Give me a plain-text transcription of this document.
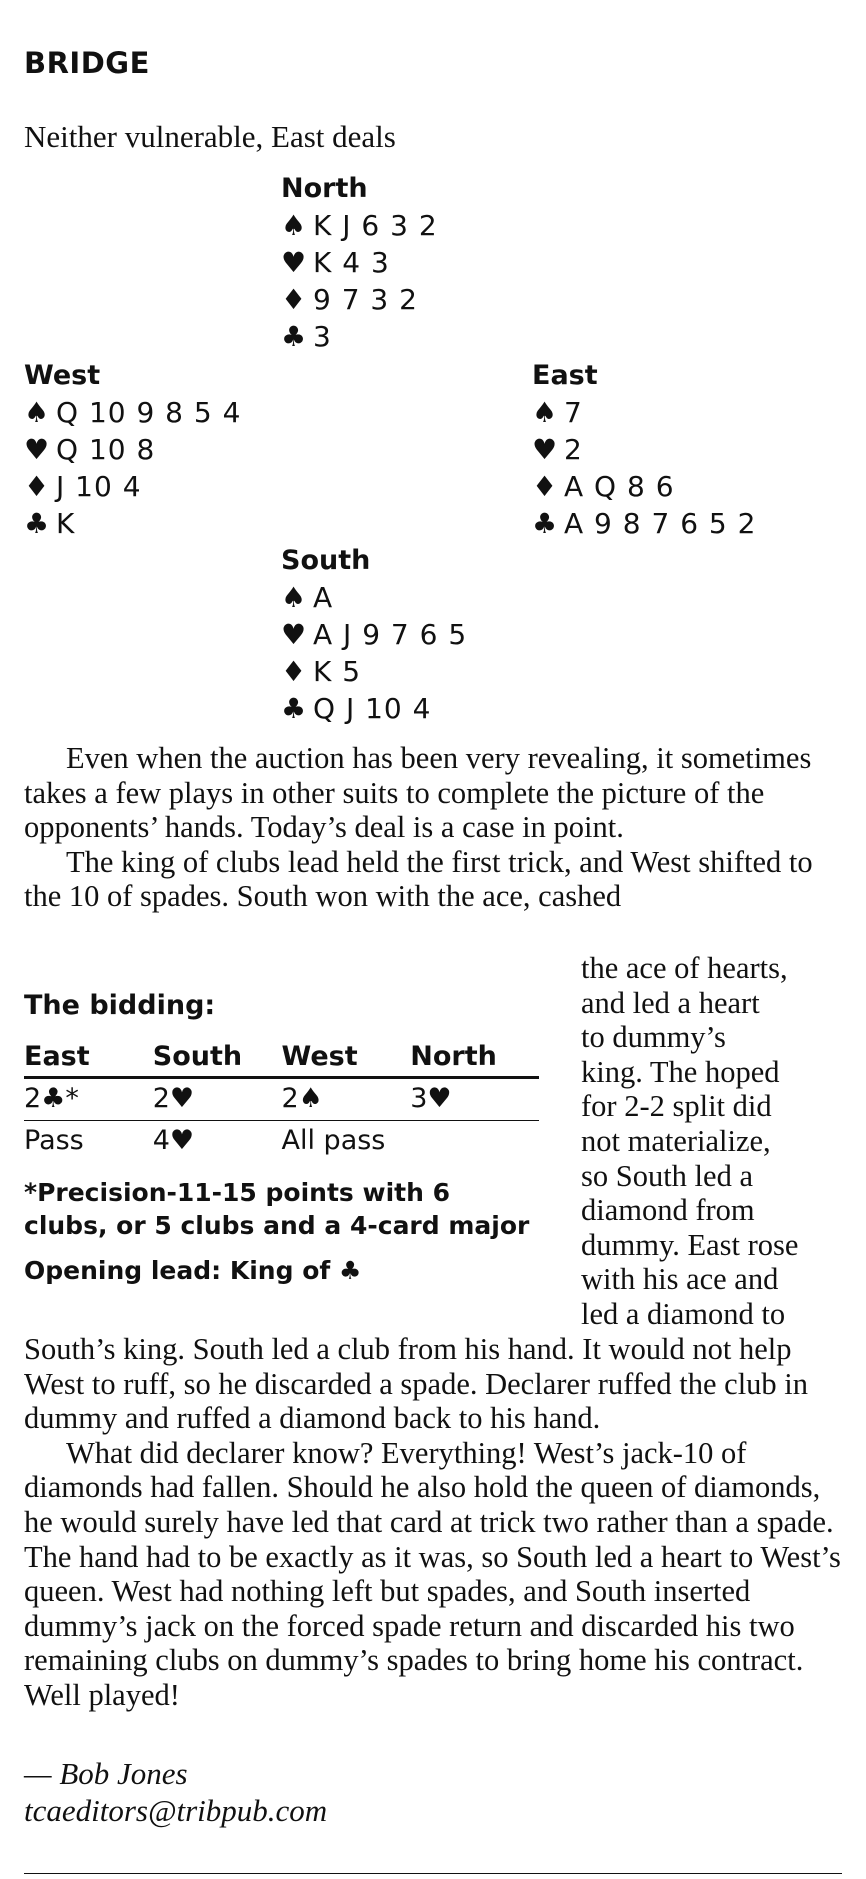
BRIDGE
Neither vulnerable, East deals
North
♠ K J 6 3 2
♥ K 4 3
♦ 9 7 3 2
♣ 3
West
♠ Q 10 9 8 5 4
♥ Q 10 8
♦ J 10 4
♣ K
East
♠ 7
♥ 2
♦ A Q 8 6
♣ A 9 8 7 6 5 2
South
♠ A
♥ A J 9 7 6 5
♦ K 5
♣ Q J 10 4

Even when the auction has been very revealing, it sometimes takes a few plays in other suits to complete the picture of the opponents’ hands. Today’s deal is a case in point.

The king of clubs lead held the first trick, and West shifted to the 10 of spades. South won with the ace, cashed

The bidding:
East	South	West	North
2♣*	2♥	2♠	3♥
Pass	4♥	All pass	
*Precision-11-15 points with 6 clubs, or 5 clubs and a 4-card major
Opening lead: King of ♣
the ace of hearts,
and led a heart
to dummy’s
king. The hoped
for 2-2 split did
not materialize,
so South led a
diamond from
dummy. East rose
with his ace and
led a diamond to

South’s king. South led a club from his hand. It would not help West to ruff, so he discarded a spade. Declarer ruffed the club in dummy and ruffed a diamond back to his hand.

What did declarer know? Everything! West’s jack-10 of diamonds had fallen. Should he also hold the queen of diamonds, he would surely have led that card at trick two rather than a spade. The hand had to be exactly as it was, so South led a heart to West’s queen. West had nothing left but spades, and South inserted dummy’s jack on the forced spade return and discarded his two remaining clubs on dummy’s spades to bring home his contract. Well played!

— Bob Jones
tcaeditors@tribpub.com
